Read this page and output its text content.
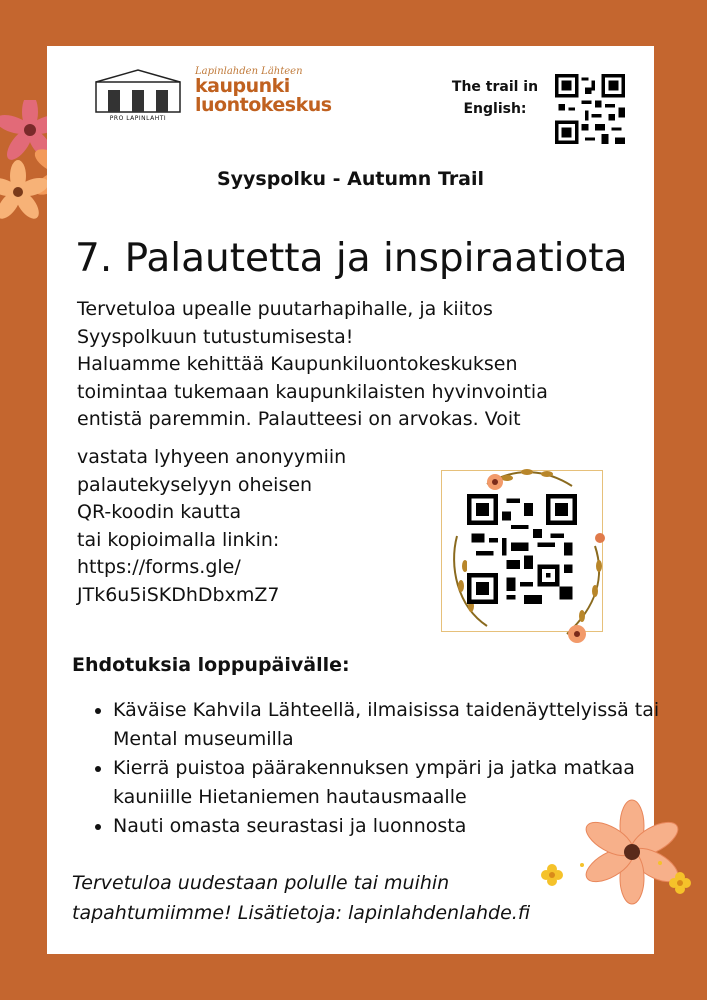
PRO LAPINLAHTI
Lapinlahden Lähteen
kaupunki
luontokeskus
The trail in
English:
Syyspolku - Autumn Trail
7. Palautetta ja inspiraatiota
Tervetuloa upealle puutarhapihalle, ja kiitos
Syyspolkuun tutustumisesta!
Haluamme kehittää Kaupunkiluontokeskuksen
toimintaa tukemaan kaupunkilaisten hyvinvointia
entistä paremmin. Palautteesi on arvokas. Voit
vastata lyhyeen anonyymiin
palautekyselyyn oheisen
QR-koodin kautta
tai kopioimalla linkin:
https://forms.gle/
JTk6u5iSKDhDbxmZ7
Ehdotuksia loppupäivälle:
• Käväise Kahvila Lähteellä, ilmaisissa taidenäyttelyissä tai Mental museumilla
• Kierrä puistoa päärakennuksen ympäri ja jatka matkaa kauniille Hietaniemen hautausmaalle
• Nauti omasta seurastasi ja luonnosta
Tervetuloa uudestaan polulle tai muihin
tapahtumiimme! Lisätietoja: lapinlahdenlahde.fi
